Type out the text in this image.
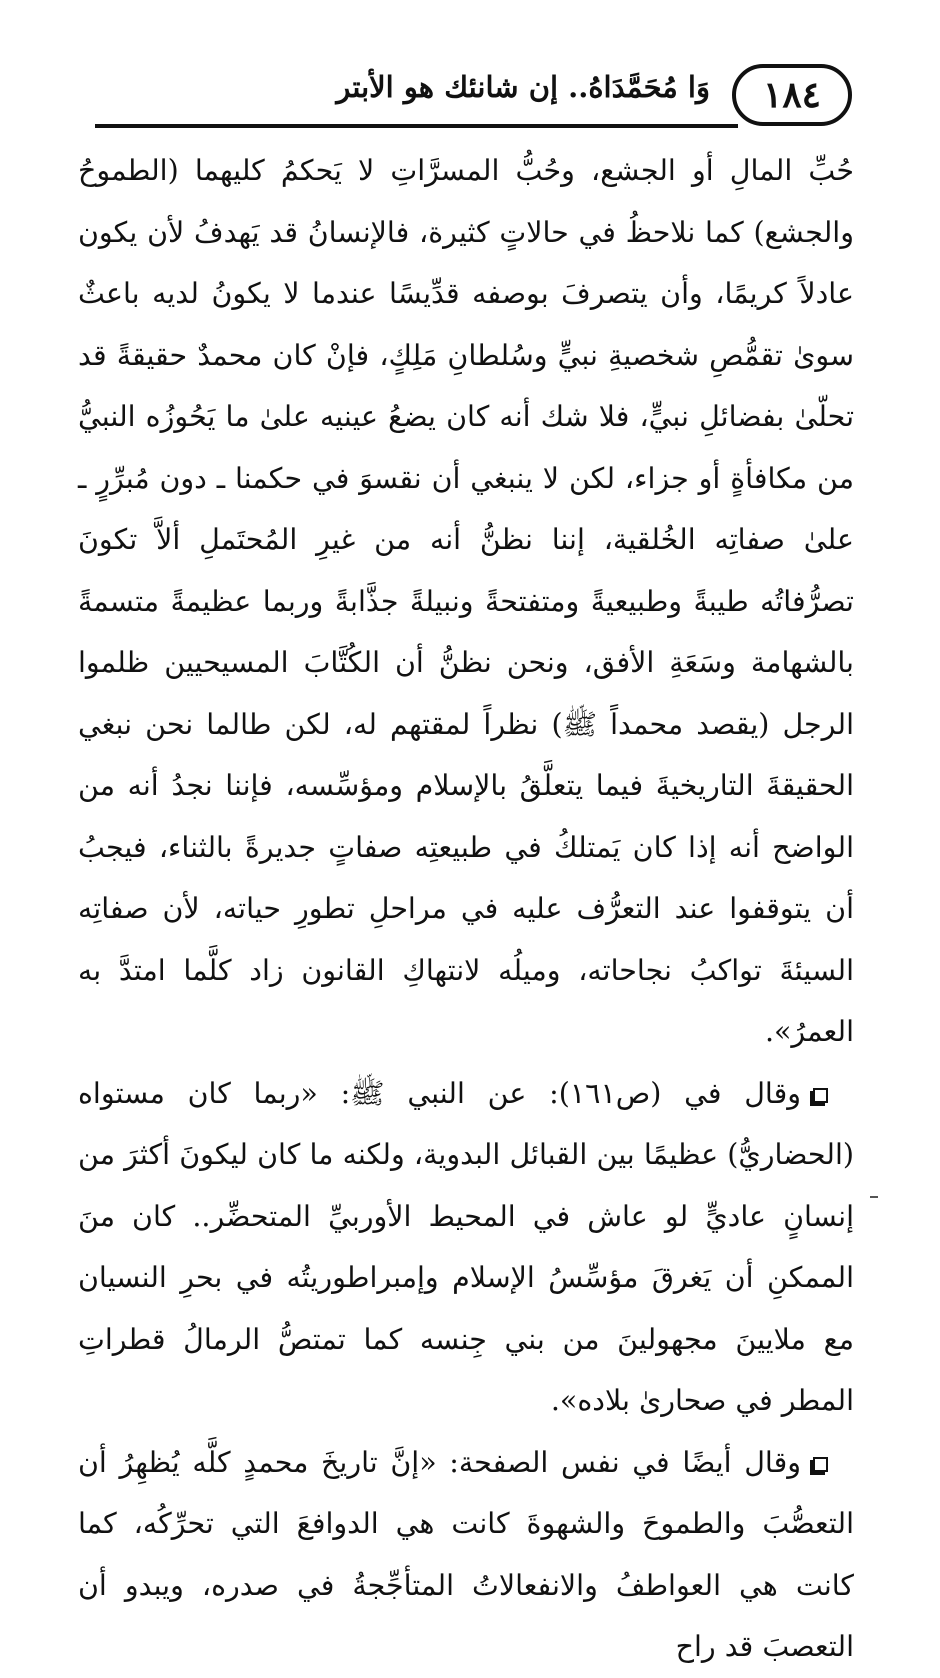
١٨٤
وَا مُحَمَّدَاهُ.. إن شانئك هو الأبتر

حُبِّ المالِ أو الجشع، وحُبُّ المسرَّاتِ لا يَحكمُ كليهما (الطموحُ والجشع) كما نلاحظُ في حالاتٍ كثيرة، فالإنسانُ قد يَهدفُ لأن يكون عادلاً كريمًا، وأن يتصرفَ بوصفه قدِّيسًا عندما لا يكونُ لديه باعثٌ سوىٰ تقمُّصِ شخصيةِ نبيٍّ وسُلطانِ مَلِكٍ، فإنْ كان محمدٌ حقيقةً قد تحلّىٰ بفضائلِ نبيٍّ، فلا شك أنه كان يضعُ عينيه علىٰ ما يَحُوزُه النبيُّ من مكافأةٍ أو جزاء، لكن لا ينبغي أن نقسوَ في حكمنا ـ دون مُبرِّرٍ ـ علىٰ صفاتِه الخُلقية، إننا نظنُّ أنه من غيرِ المُحتَملِ ألاَّ تكونَ تصرُّفاتُه طيبةً وطبيعيةً ومتفتحةً ونبيلةً جذَّابةً وربما عظيمةً متسمةً بالشهامة وسَعَةِ الأفق، ونحن نظنُّ أن الكُتَّابَ المسيحيين ظلموا الرجل (يقصد محمداً ﷺ) نظراً لمقتهم له، لكن طالما نحن نبغي الحقيقةَ التاريخيةَ فيما يتعلَّقُ بالإسلام ومؤسِّسه، فإننا نجدُ أنه من الواضح أنه إذا كان يَمتلكُ في طبيعتِه صفاتٍ جديرةً بالثناء، فيجبُ أن يتوقفوا عند التعرُّف عليه في مراحلِ تطورِ حياته، لأن صفاتِه السيئةَ تواكبُ نجاحاته، وميلُه لانتهاكِ القانون زاد كلَّما امتدَّ به العمرُ».

وقال في (ص١٦١): عن النبي ﷺ: «ربما كان مستواه (الحضاريُّ) عظيمًا بين القبائل البدوية، ولكنه ما كان ليكونَ أكثرَ من إنسانٍ عاديٍّ لو عاش في المحيط الأوربيِّ المتحضِّر.. كان منَ الممكنِ أن يَغرقَ مؤسِّسُ الإسلام وإمبراطوريتُه في بحرِ النسيان مع ملايينَ مجهولينَ من بني جِنسه كما تمتصُّ الرمالُ قطراتِ المطر في صحارىٰ بلاده».

وقال أيضًا في نفس الصفحة: «إنَّ تاريخَ محمدٍ كلَّه يُظهِرُ أن التعصُّبَ والطموحَ والشهوةَ كانت هي الدوافعَ التي تحرِّكُه، كما كانت هي العواطفُ والانفعالاتُ المتأجِّجةُ في صدره، ويبدو أن التعصبَ قد راح
